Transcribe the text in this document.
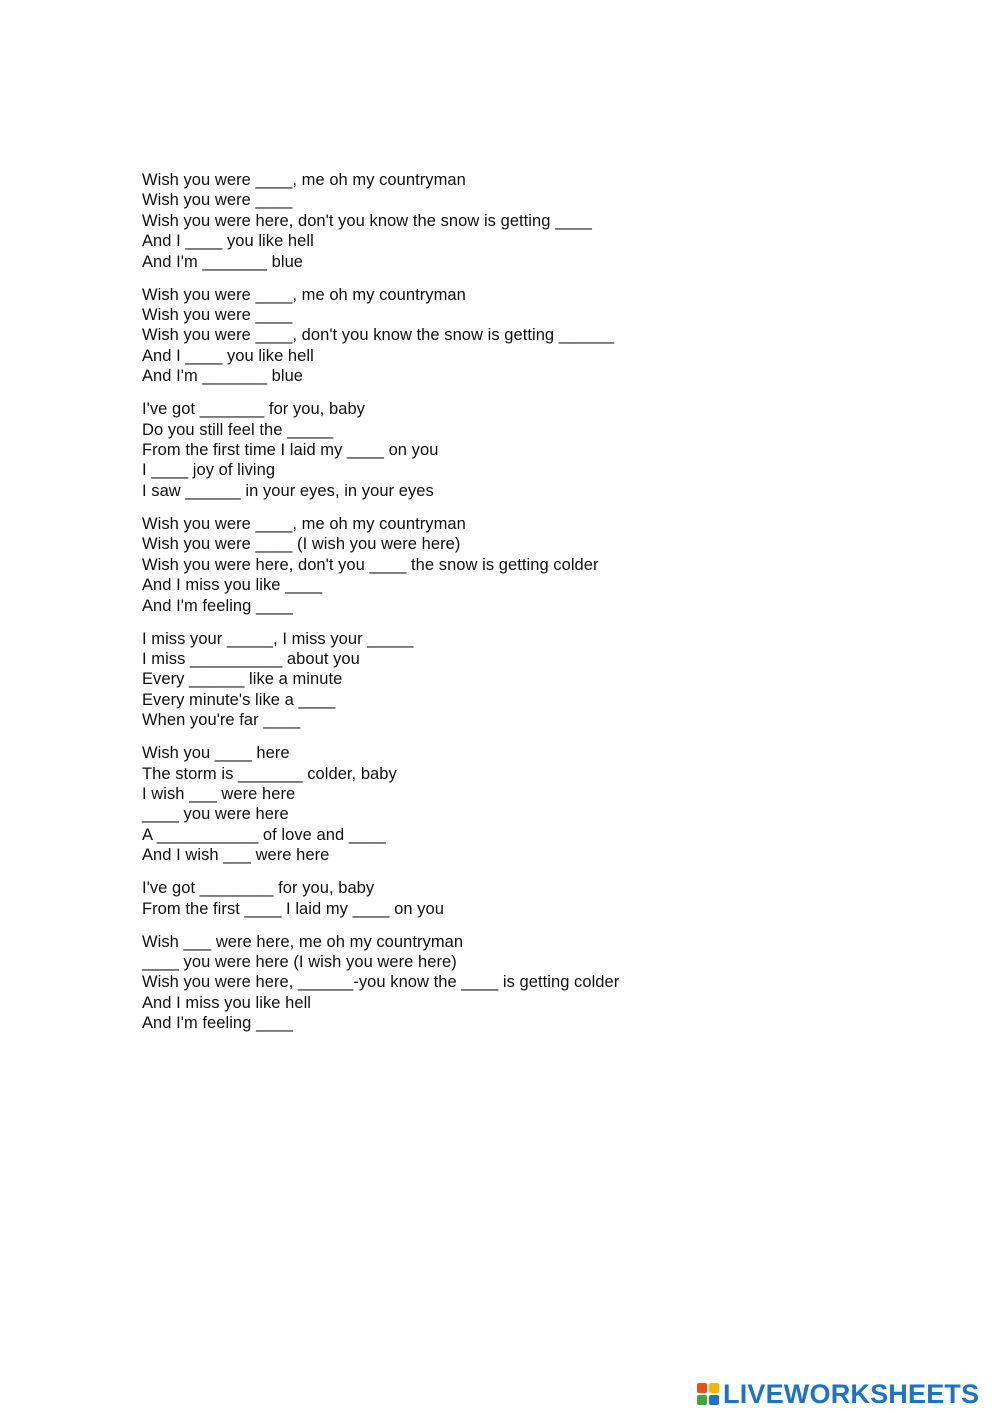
Wish you were ____, me oh my countryman
Wish you were ____
Wish you were here, don't you know the snow is getting ____
And I ____ you like hell
And I'm _______ blue
Wish you were ____, me oh my countryman
Wish you were ____
Wish you were ____, don't you know the snow is getting ______
And I ____ you like hell
And I'm _______ blue
I've got _______ for you, baby
Do you still feel the _____
From the first time I laid my ____ on you
I ____ joy of living
I saw ______ in your eyes, in your eyes
Wish you were ____, me oh my countryman
Wish you were ____ (I wish you were here)
Wish you were here, don't you ____ the snow is getting colder
And I miss you like ____
And I'm feeling ____
I miss your _____, I miss your _____
I miss __________ about you
Every ______ like a minute
Every minute's like a ____
When you're far ____
Wish you ____ here
The storm is _______ colder, baby
I wish ___ were here
____ you were here
A ___________ of love and ____
And I wish ___ were here
I've got ________ for you, baby
From the first ____ I laid my ____ on you
Wish ___ were here, me oh my countryman
____ you were here (I wish you were here)
Wish you were here, ______-you know the ____ is getting colder
And I miss you like hell
And I'm feeling ____
LIVEWORKSHEETS
